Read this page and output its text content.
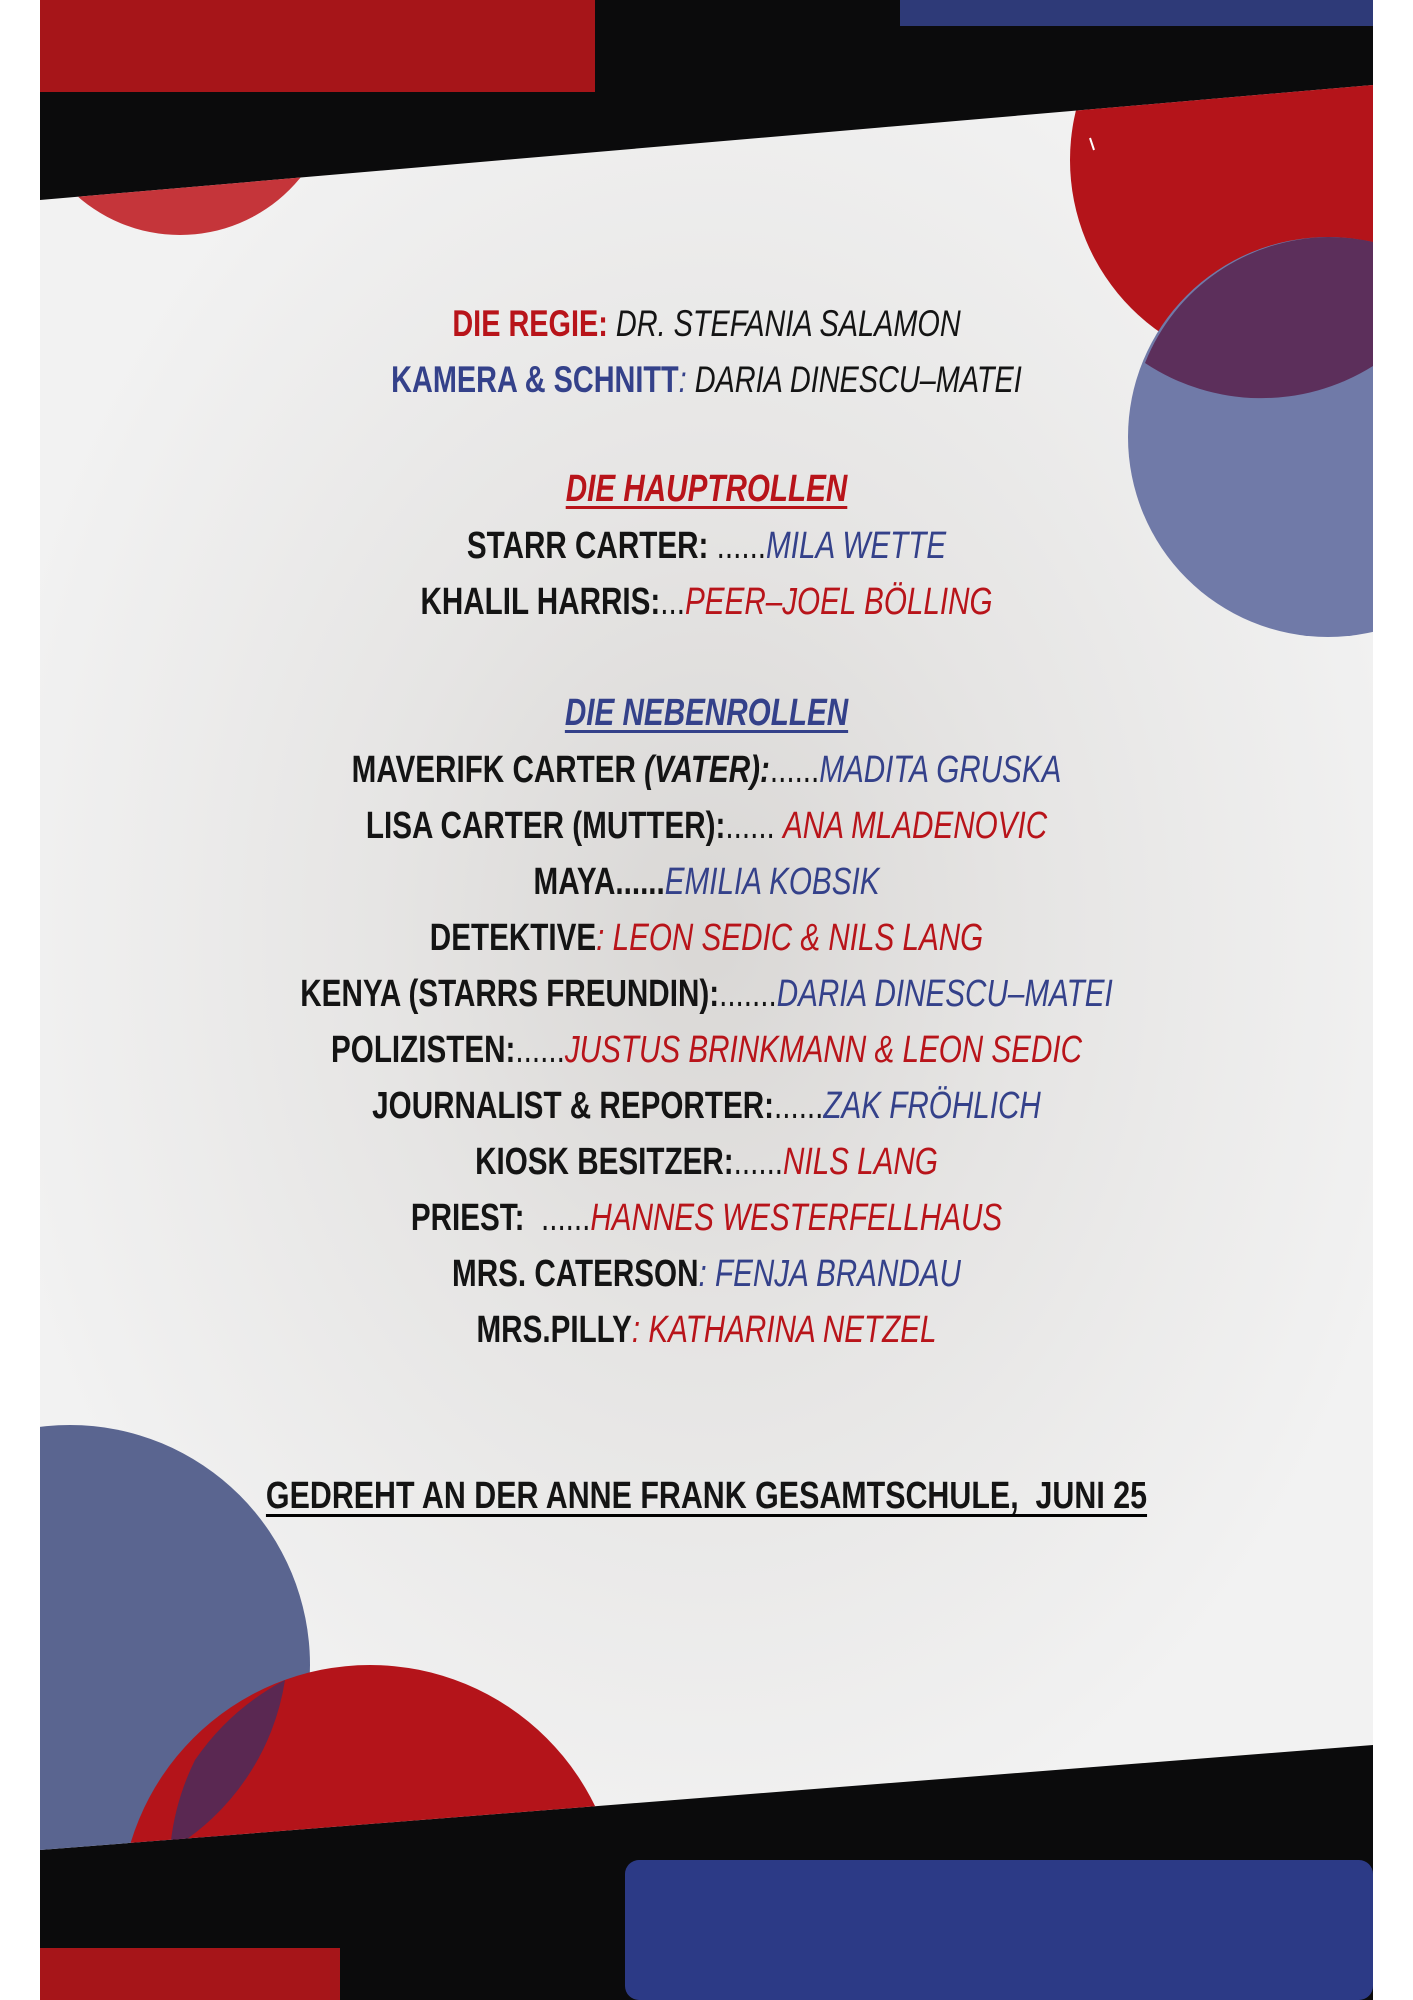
DIE REGIE: DR. STEFANIA SALAMON
KAMERA & SCHNITT: DARIA DINESCU–MATEI
DIE HAUPTROLLEN
STARR CARTER: ......MILA WETTE
KHALIL HARRIS:...PEER–JOEL BÖLLING
DIE NEBENROLLEN
MAVERIFK CARTER (VATER):......MADITA GRUSKA
LISA CARTER (MUTTER):...... ANA MLADENOVIC
MAYA......EMILIA KOBSIK
DETEKTIVE: LEON SEDIC & NILS LANG
KENYA (STARRS FREUNDIN):.......DARIA DINESCU–MATEI
POLIZISTEN:......JUSTUS BRINKMANN & LEON SEDIC
JOURNALIST & REPORTER:......ZAK FRÖHLICH
KIOSK BESITZER:......NILS LANG
PRIEST:  ......HANNES WESTERFELLHAUS
MRS. CATERSON: FENJA BRANDAU
MRS.PILLY: KATHARINA NETZEL
GEDREHT AN DER ANNE FRANK GESAMTSCHULE,  JUNI 25
